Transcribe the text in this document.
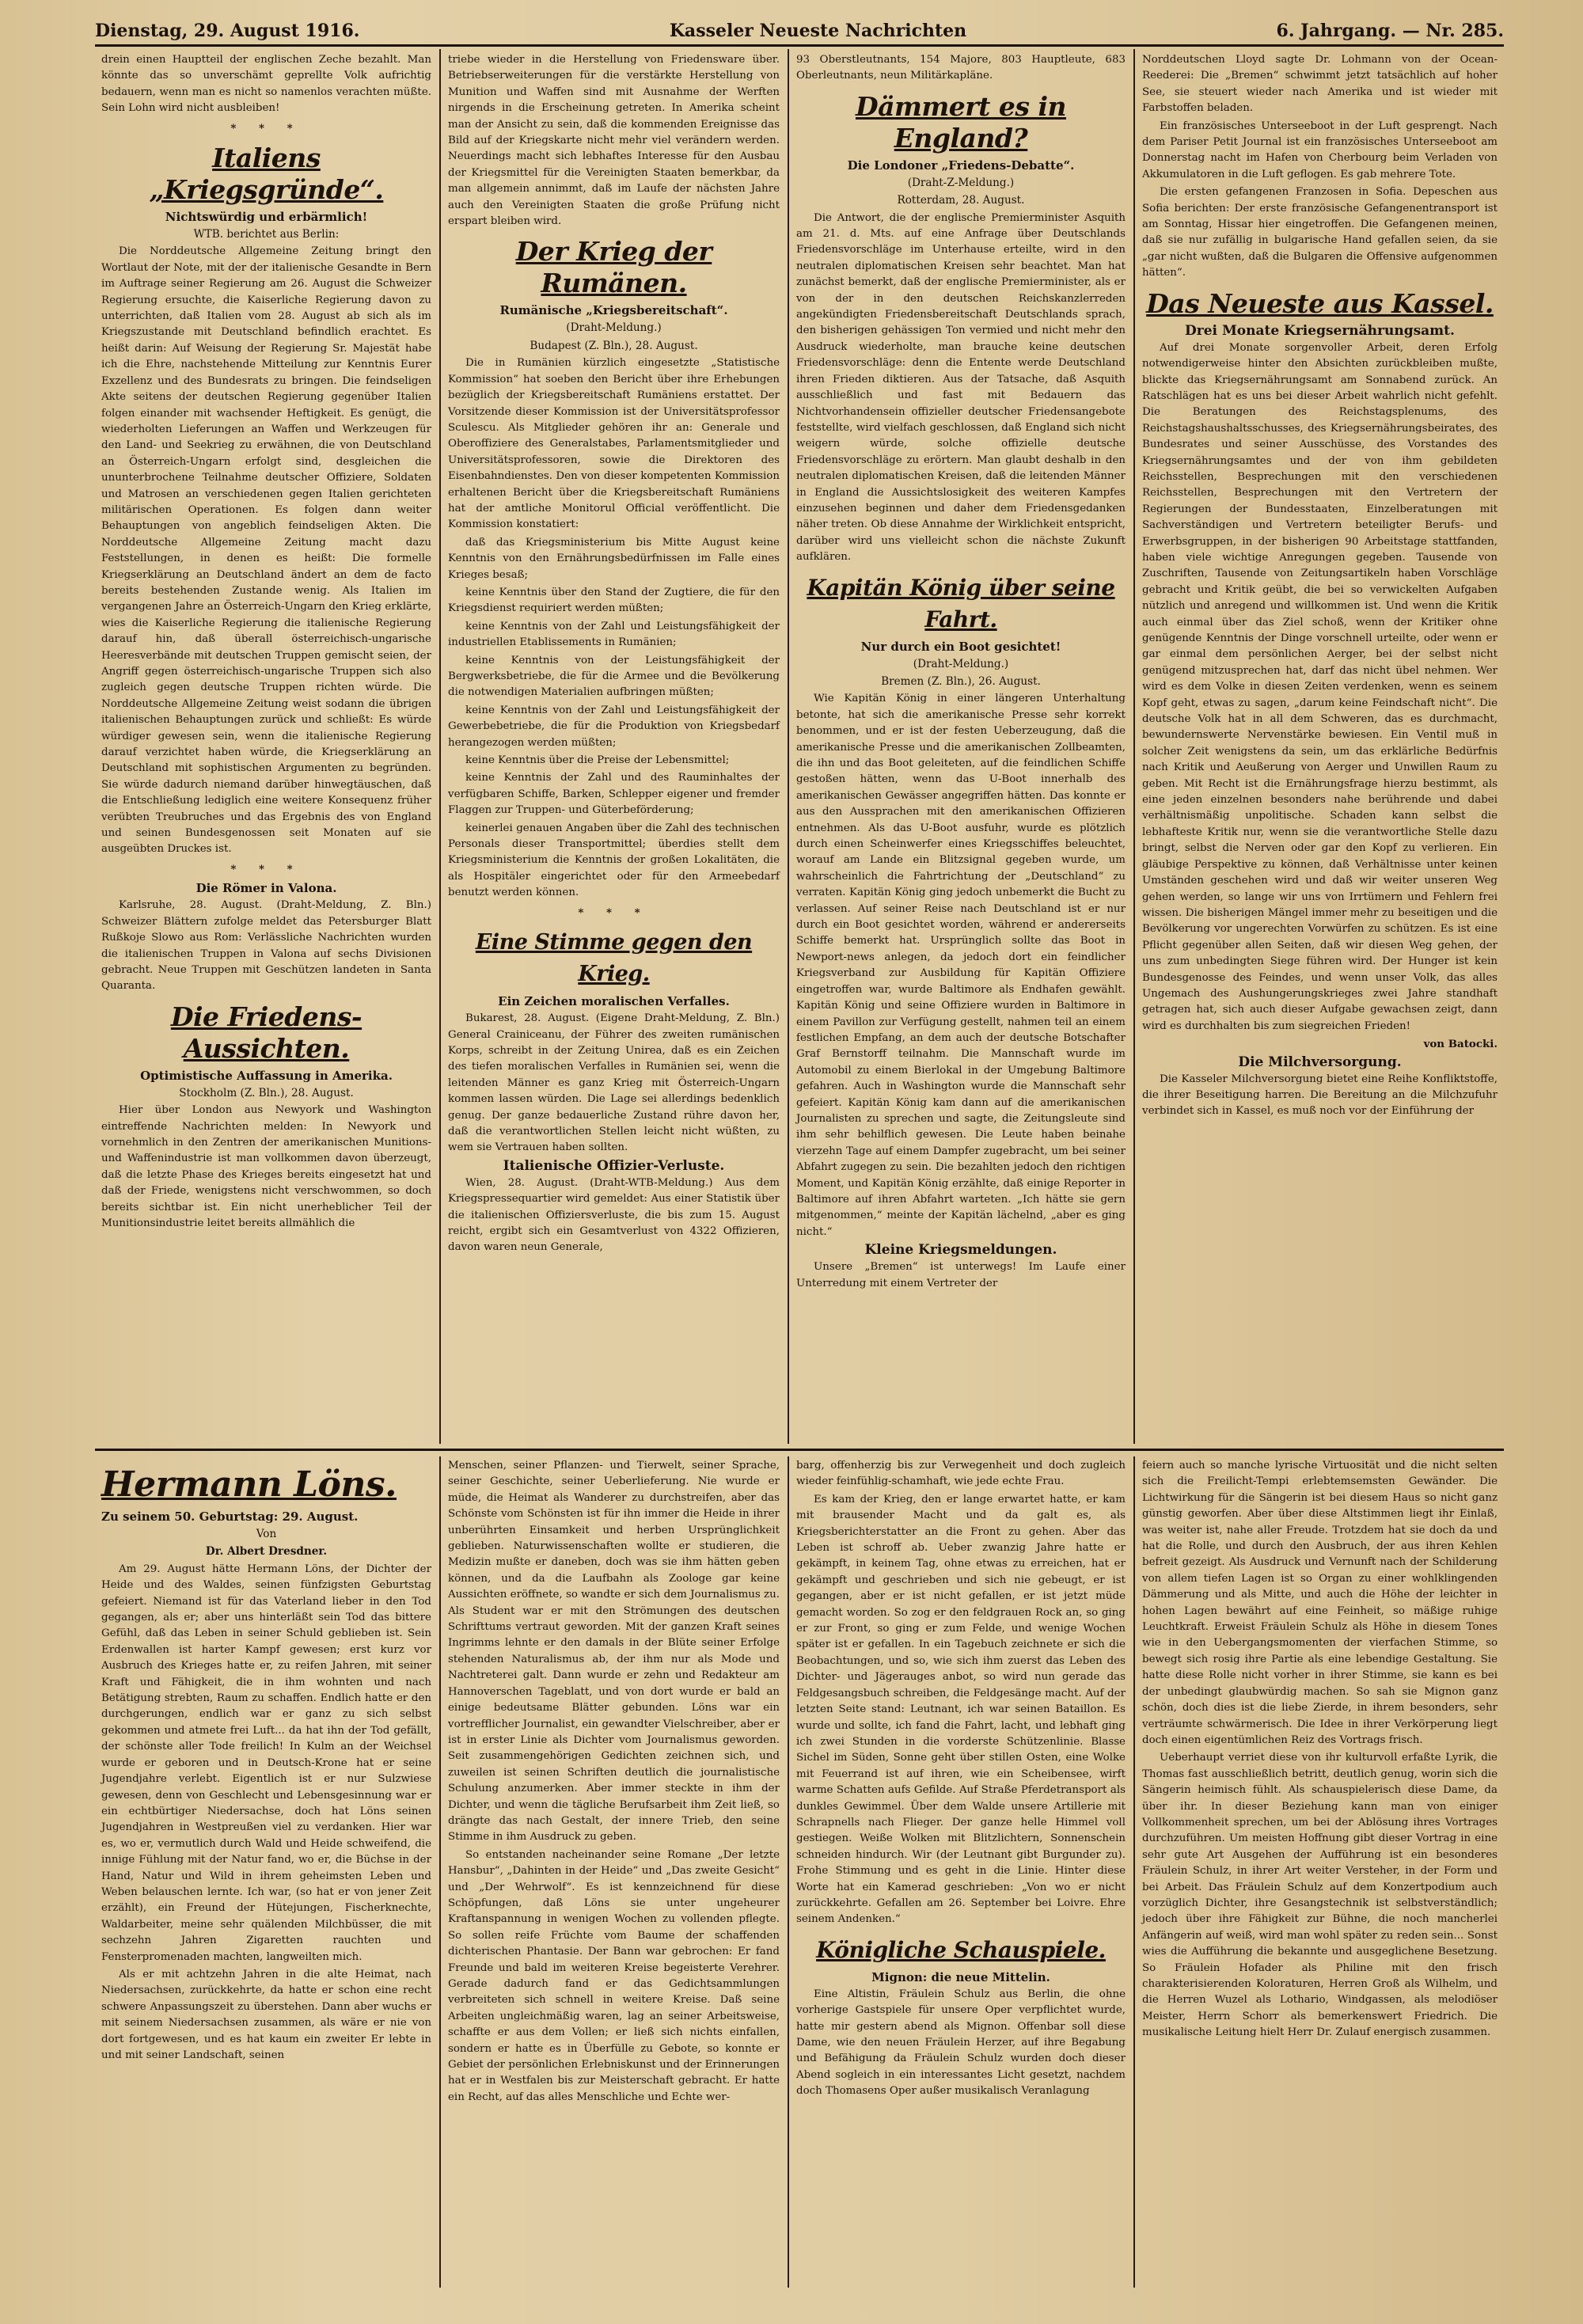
Dienstag, 29. August 1916.	Kasseler Neueste Nachrichten	6. Jahrgang. — Nr. 285.

drein einen Hauptteil der englischen Zeche bezahlt. Man könnte das so unverschämt geprellte Volk aufrichtig bedauern, wenn man es nicht so namenlos verachten müßte. Sein Lohn wird nicht ausbleiben!

* * *
Italiens „Kriegsgründe“.
Nichtswürdig und erbärmlich!
WTB. berichtet aus Berlin:

Die Norddeutsche Allgemeine Zeitung bringt den Wortlaut der Note, mit der der italienische Gesandte in Bern im Auftrage seiner Regierung am 26. August die Schweizer Regierung ersuchte, die Kaiserliche Regierung davon zu unterrichten, daß Italien vom 28. August ab sich als im Kriegszustande mit Deutschland befindlich erachtet. Es heißt darin: Auf Weisung der Regierung Sr. Majestät habe ich die Ehre, nachstehende Mitteilung zur Kenntnis Eurer Exzellenz und des Bundesrats zu bringen. Die feindseligen Akte seitens der deutschen Regierung gegenüber Italien folgen einander mit wachsender Heftigkeit. Es genügt, die wiederholten Lieferungen an Waffen und Werkzeugen für den Land- und Seekrieg zu erwähnen, die von Deutschland an Österreich-Ungarn erfolgt sind, desgleichen die ununterbrochene Teilnahme deutscher Offiziere, Soldaten und Matrosen an verschiedenen gegen Italien gerichteten militärischen Operationen. Es folgen dann weiter Behauptungen von angeblich feindseligen Akten. Die Norddeutsche Allgemeine Zeitung macht dazu Feststellungen, in denen es heißt: Die formelle Kriegserklärung an Deutschland ändert an dem de facto bereits bestehenden Zustande wenig. Als Italien im vergangenen Jahre an Österreich-Ungarn den Krieg erklärte, wies die Kaiserliche Regierung die italienische Regierung darauf hin, daß überall österreichisch-ungarische Heeresverbände mit deutschen Truppen gemischt seien, der Angriff gegen österreichisch-ungarische Truppen sich also zugleich gegen deutsche Truppen richten würde. Die Norddeutsche Allgemeine Zeitung weist sodann die übrigen italienischen Behauptungen zurück und schließt: Es würde würdiger gewesen sein, wenn die italienische Regierung darauf verzichtet haben würde, die Kriegserklärung an Deutschland mit sophistischen Argumenten zu begründen. Sie würde dadurch niemand darüber hinwegtäuschen, daß die Entschließung lediglich eine weitere Konsequenz früher verübten Treubruches und das Ergebnis des von England und seinen Bundesgenossen seit Monaten auf sie ausgeübten Druckes ist.

* * *
Die Römer in Valona.

Karlsruhe, 28. August. (Draht-Meldung, Z. Bln.) Schweizer Blättern zufolge meldet das Petersburger Blatt Rußkoje Slowo aus Rom: Verlässliche Nachrichten wurden die italienischen Truppen in Valona auf sechs Divisionen gebracht. Neue Truppen mit Geschützen landeten in Santa Quaranta.

Die Friedens-Aussichten.
Optimistische Auffassung in Amerika.
Stockholm (Z. Bln.), 28. August.

Hier über London aus Newyork und Washington eintreffende Nachrichten melden: In Newyork und vornehmlich in den Zentren der amerikanischen Munitions- und Waffenindustrie ist man vollkommen davon überzeugt, daß die letzte Phase des Krieges bereits eingesetzt hat und daß der Friede, wenigstens nicht verschwommen, so doch bereits sichtbar ist. Ein nicht unerheblicher Teil der Munitionsindustrie leitet bereits allmählich die

triebe wieder in die Herstellung von Friedensware über. Betriebserweiterungen für die verstärkte Herstellung von Munition und Waffen sind mit Ausnahme der Werften nirgends in die Erscheinung getreten. In Amerika scheint man der Ansicht zu sein, daß die kommenden Ereignisse das Bild auf der Kriegskarte nicht mehr viel verändern werden. Neuerdings macht sich lebhaftes Interesse für den Ausbau der Kriegsmittel für die Vereinigten Staaten bemerkbar, da man allgemein annimmt, daß im Laufe der nächsten Jahre auch den Vereinigten Staaten die große Prüfung nicht erspart bleiben wird.

Der Krieg der Rumänen.
Rumänische „Kriegsbereitschaft“.
(Draht-Meldung.)
Budapest (Z. Bln.), 28. August.

Die in Rumänien kürzlich eingesetzte „Statistische Kommission“ hat soeben den Bericht über ihre Erhebungen bezüglich der Kriegsbereitschaft Rumäniens erstattet. Der Vorsitzende dieser Kommission ist der Universitätsprofessor Sculescu. Als Mitglieder gehören ihr an: Generale und Oberoffiziere des Generalstabes, Parlamentsmitglieder und Universitätsprofessoren, sowie die Direktoren des Eisenbahndienstes. Den von dieser kompetenten Kommission erhaltenen Bericht über die Kriegsbereitschaft Rumäniens hat der amtliche Monitorul Official veröffentlicht. Die Kommission konstatiert:

daß das Kriegsministerium bis Mitte August keine Kenntnis von den Ernährungsbedürfnissen im Falle eines Krieges besaß;

keine Kenntnis über den Stand der Zugtiere, die für den Kriegsdienst requiriert werden müßten;

keine Kenntnis von der Zahl und Leistungsfähigkeit der industriellen Etablissements in Rumänien;

keine Kenntnis von der Leistungsfähigkeit der Bergwerksbetriebe, die für die Armee und die Bevölkerung die notwendigen Materialien aufbringen müßten;

keine Kenntnis von der Zahl und Leistungsfähigkeit der Gewerbebetriebe, die für die Produktion von Kriegsbedarf herangezogen werden müßten;

keine Kenntnis über die Preise der Lebensmittel;

keine Kenntnis der Zahl und des Rauminhaltes der verfügbaren Schiffe, Barken, Schlepper eigener und fremder Flaggen zur Truppen- und Güterbeförderung;

keinerlei genauen Angaben über die Zahl des technischen Personals dieser Transportmittel; überdies stellt dem Kriegsministerium die Kenntnis der großen Lokalitäten, die als Hospitäler eingerichtet oder für den Armeebedarf benutzt werden können.

* * *
Eine Stimme gegen den Krieg.
Ein Zeichen moralischen Verfalles.

Bukarest, 28. August. (Eigene Draht-Meldung, Z. Bln.) General Crainiceanu, der Führer des zweiten rumänischen Korps, schreibt in der Zeitung Unirea, daß es ein Zeichen des tiefen moralischen Verfalles in Rumänien sei, wenn die leitenden Männer es ganz Krieg mit Österreich-Ungarn kommen lassen würden. Die Lage sei allerdings bedenklich genug. Der ganze bedauerliche Zustand rühre davon her, daß die verantwortlichen Stellen leicht nicht wüßten, zu wem sie Vertrauen haben sollten.

Italienische Offizier-Verluste.

Wien, 28. August. (Draht-WTB-Meldung.) Aus dem Kriegspressequartier wird gemeldet: Aus einer Statistik über die italienischen Offiziersverluste, die bis zum 15. August reicht, ergibt sich ein Gesamtverlust von 4322 Offizieren, davon waren neun Generale,

93 Oberstleutnants, 154 Majore, 803 Hauptleute, 683 Oberleutnants, neun Militärkapläne.

Dämmert es in England?
Die Londoner „Friedens-Debatte“.
(Draht-Z-Meldung.)
Rotterdam, 28. August.

Die Antwort, die der englische Premierminister Asquith am 21. d. Mts. auf eine Anfrage über Deutschlands Friedensvorschläge im Unterhause erteilte, wird in den neutralen diplomatischen Kreisen sehr beachtet. Man hat zunächst bemerkt, daß der englische Premierminister, als er von der in den deutschen Reichskanzlerreden angekündigten Friedensbereitschaft Deutschlands sprach, den bisherigen gehässigen Ton vermied und nicht mehr den Ausdruck wiederholte, man brauche keine deutschen Friedensvorschläge: denn die Entente werde Deutschland ihren Frieden diktieren. Aus der Tatsache, daß Asquith ausschließlich und fast mit Bedauern das Nichtvorhandensein offizieller deutscher Friedensangebote feststellte, wird vielfach geschlossen, daß England sich nicht weigern würde, solche offizielle deutsche Friedensvorschläge zu erörtern. Man glaubt deshalb in den neutralen diplomatischen Kreisen, daß die leitenden Männer in England die Aussichtslosigkeit des weiteren Kampfes einzusehen beginnen und daher dem Friedensgedanken näher treten. Ob diese Annahme der Wirklichkeit entspricht, darüber wird uns vielleicht schon die nächste Zukunft aufklären.

Kapitän König über seine Fahrt.
Nur durch ein Boot gesichtet!
(Draht-Meldung.)
Bremen (Z. Bln.), 26. August.

Wie Kapitän König in einer längeren Unterhaltung betonte, hat sich die amerikanische Presse sehr korrekt benommen, und er ist der festen Ueberzeugung, daß die amerikanische Presse und die amerikanischen Zollbeamten, die ihn und das Boot geleiteten, auf die feindlichen Schiffe gestoßen hätten, wenn das U-Boot innerhalb des amerikanischen Gewässer angegriffen hätten. Das konnte er aus den Aussprachen mit den amerikanischen Offizieren entnehmen. Als das U-Boot ausfuhr, wurde es plötzlich durch einen Scheinwerfer eines Kriegsschiffes beleuchtet, worauf am Lande ein Blitzsignal gegeben wurde, um wahrscheinlich die Fahrtrichtung der „Deutschland“ zu verraten. Kapitän König ging jedoch unbemerkt die Bucht zu verlassen. Auf seiner Reise nach Deutschland ist er nur durch ein Boot gesichtet worden, während er andererseits Schiffe bemerkt hat. Ursprünglich sollte das Boot in Newport-news anlegen, da jedoch dort ein feindlicher Kriegsverband zur Ausbildung für Kapitän Offiziere eingetroffen war, wurde Baltimore als Endhafen gewählt. Kapitän König und seine Offiziere wurden in Baltimore in einem Pavillon zur Verfügung gestellt, nahmen teil an einem festlichen Empfang, an dem auch der deutsche Botschafter Graf Bernstorff teilnahm. Die Mannschaft wurde im Automobil zu einem Bierlokal in der Umgebung Baltimore gefahren. Auch in Washington wurde die Mannschaft sehr gefeiert. Kapitän König kam dann auf die amerikanischen Journalisten zu sprechen und sagte, die Zeitungsleute sind ihm sehr behilflich gewesen. Die Leute haben beinahe vierzehn Tage auf einem Dampfer zugebracht, um bei seiner Abfahrt zugegen zu sein. Die bezahlten jedoch den richtigen Moment, und Kapitän König erzählte, daß einige Reporter in Baltimore auf ihren Abfahrt warteten. „Ich hätte sie gern mitgenommen,“ meinte der Kapitän lächelnd, „aber es ging nicht.“

Kleine Kriegsmeldungen.

Unsere „Bremen“ ist unterwegs! Im Laufe einer Unterredung mit einem Vertreter der

Norddeutschen Lloyd sagte Dr. Lohmann von der Ocean-Reederei: Die „Bremen“ schwimmt jetzt tatsächlich auf hoher See, sie steuert wieder nach Amerika und ist wieder mit Farbstoffen beladen.

Ein französisches Unterseeboot in der Luft gesprengt. Nach dem Pariser Petit Journal ist ein französisches Unterseeboot am Donnerstag nacht im Hafen von Cherbourg beim Verladen von Akkumulatoren in die Luft geflogen. Es gab mehrere Tote.

Die ersten gefangenen Franzosen in Sofia. Depeschen aus Sofia berichten: Der erste französische Gefangenentransport ist am Sonntag, Hissar hier eingetroffen. Die Gefangenen meinen, daß sie nur zufällig in bulgarische Hand gefallen seien, da sie „gar nicht wußten, daß die Bulgaren die Offensive aufgenommen hätten“.

Das Neueste aus Kassel.
Drei Monate Kriegsernährungsamt.

Auf drei Monate sorgenvoller Arbeit, deren Erfolg notwendigerweise hinter den Absichten zurückbleiben mußte, blickte das Kriegsernährungsamt am Sonnabend zurück. An Ratschlägen hat es uns bei dieser Arbeit wahrlich nicht gefehlt. Die Beratungen des Reichstagsplenums, des Reichstagshaushaltsschusses, des Kriegsernährungsbeirates, des Bundesrates und seiner Ausschüsse, des Vorstandes des Kriegsernährungsamtes und der von ihm gebildeten Reichsstellen, Besprechungen mit den verschiedenen Reichsstellen, Besprechungen mit den Vertretern der Regierungen der Bundesstaaten, Einzelberatungen mit Sachverständigen und Vertretern beteiligter Berufs- und Erwerbsgruppen, in der bisherigen 90 Arbeitstage stattfanden, haben viele wichtige Anregungen gegeben. Tausende von Zuschriften, Tausende von Zeitungsartikeln haben Vorschläge gebracht und Kritik geübt, die bei so verwickelten Aufgaben nützlich und anregend und willkommen ist. Und wenn die Kritik auch einmal über das Ziel schoß, wenn der Kritiker ohne genügende Kenntnis der Dinge vorschnell urteilte, oder wenn er gar einmal dem persönlichen Aerger, bei der selbst nicht genügend mitzusprechen hat, darf das nicht übel nehmen. Wer wird es dem Volke in diesen Zeiten verdenken, wenn es seinem Kopf geht, etwas zu sagen, „darum keine Feindschaft nicht“. Die deutsche Volk hat in all dem Schweren, das es durchmacht, bewundernswerte Nervenstärke bewiesen. Ein Ventil muß in solcher Zeit wenigstens da sein, um das erklärliche Bedürfnis nach Kritik und Aeußerung von Aerger und Unwillen Raum zu geben. Mit Recht ist die Ernährungsfrage hierzu bestimmt, als eine jeden einzelnen besonders nahe berührende und dabei verhältnismäßig unpolitische. Schaden kann selbst die lebhafteste Kritik nur, wenn sie die verantwortliche Stelle dazu bringt, selbst die Nerven oder gar den Kopf zu verlieren. Ein gläubige Perspektive zu können, daß Verhältnisse unter keinen Umständen geschehen wird und daß wir weiter unseren Weg gehen werden, so lange wir uns von Irrtümern und Fehlern frei wissen. Die bisherigen Mängel immer mehr zu beseitigen und die Bevölkerung vor ungerechten Vorwürfen zu schützen. Es ist eine Pflicht gegenüber allen Seiten, daß wir diesen Weg gehen, der uns zum unbedingten Siege führen wird. Der Hunger ist kein Bundesgenosse des Feindes, und wenn unser Volk, das alles Ungemach des Aushungerungskrieges zwei Jahre standhaft getragen hat, sich auch dieser Aufgabe gewachsen zeigt, dann wird es durchhalten bis zum siegreichen Frieden!

von Batocki.
Die Milchversorgung.

Die Kasseler Milchversorgung bietet eine Reihe Konfliktstoffe, die ihrer Beseitigung harren. Die Bereitung an die Milchzufuhr verbindet sich in Kassel, es muß noch vor der Einführung der

Hermann Löns.
Zu seinem 50. Geburtstag: 29. August.
Von
Dr. Albert Dresdner.

Am 29. August hätte Hermann Löns, der Dichter der Heide und des Waldes, seinen fünfzigsten Geburtstag gefeiert. Niemand ist für das Vaterland lieber in den Tod gegangen, als er; aber uns hinterläßt sein Tod das bittere Gefühl, daß das Leben in seiner Schuld geblieben ist. Sein Erdenwallen ist harter Kampf gewesen; erst kurz vor Ausbruch des Krieges hatte er, zu reifen Jahren, mit seiner Kraft und Fähigkeit, die in ihm wohnten und nach Betätigung strebten, Raum zu schaffen. Endlich hatte er den durchgerungen, endlich war er ganz zu sich selbst gekommen und atmete frei Luft... da hat ihn der Tod gefällt, der schönste aller Tode freilich! In Kulm an der Weichsel wurde er geboren und in Deutsch-Krone hat er seine Jugendjahre verlebt. Eigentlich ist er nur Sulzwiese gewesen, denn von Geschlecht und Lebensgesinnung war er ein echtbürtiger Niedersachse, doch hat Löns seinen Jugendjahren in Westpreußen viel zu verdanken. Hier war es, wo er, vermutlich durch Wald und Heide schweifend, die innige Fühlung mit der Natur fand, wo er, die Büchse in der Hand, Natur und Wild in ihrem geheimsten Leben und Weben belauschen lernte. Ich war, (so hat er von jener Zeit erzählt), ein Freund der Hütejungen, Fischerknechte, Waldarbeiter, meine sehr quälenden Milchbüsser, die mit sechzehn Jahren Zigaretten rauchten und Fensterpromenaden machten, langweilten mich.

Als er mit achtzehn Jahren in die alte Heimat, nach Niedersachsen, zurückkehrte, da hatte er schon eine recht schwere Anpassungszeit zu überstehen. Dann aber wuchs er mit seinem Niedersachsen zusammen, als wäre er nie von dort fortgewesen, und es hat kaum ein zweiter Er lebte in und mit seiner Landschaft, seinen

Menschen, seiner Pflanzen- und Tierwelt, seiner Sprache, seiner Geschichte, seiner Ueberlieferung. Nie wurde er müde, die Heimat als Wanderer zu durchstreifen, aber das Schönste vom Schönsten ist für ihn immer die Heide in ihrer unberührten Einsamkeit und herben Ursprünglichkeit geblieben. Naturwissenschaften wollte er studieren, die Medizin mußte er daneben, doch was sie ihm hätten geben können, und da die Laufbahn als Zoologe gar keine Aussichten eröffnete, so wandte er sich dem Journalismus zu. Als Student war er mit den Strömungen des deutschen Schrifttums vertraut geworden. Mit der ganzen Kraft seines Ingrimms lehnte er den damals in der Blüte seiner Erfolge stehenden Naturalismus ab, der ihm nur als Mode und Nachtreterei galt. Dann wurde er zehn und Redakteur am Hannoverschen Tageblatt, und von dort wurde er bald an einige bedeutsame Blätter gebunden. Löns war ein vortrefflicher Journalist, ein gewandter Vielschreiber, aber er ist in erster Linie als Dichter vom Journalismus geworden. Seit zusammengehörigen Gedichten zeichnen sich, und zuweilen ist seinen Schriften deutlich die journalistische Schulung anzumerken. Aber immer steckte in ihm der Dichter, und wenn die tägliche Berufsarbeit ihm Zeit ließ, so drängte das nach Gestalt, der innere Trieb, den seine Stimme in ihm Ausdruck zu geben.

So entstanden nacheinander seine Romane „Der letzte Hansbur“, „Dahinten in der Heide“ und „Das zweite Gesicht“ und „Der Wehrwolf“. Es ist kennzeichnend für diese Schöpfungen, daß Löns sie unter ungeheurer Kraftanspannung in wenigen Wochen zu vollenden pflegte. So sollen reife Früchte vom Baume der schaffenden dichterischen Phantasie. Der Bann war gebrochen: Er fand Freunde und bald im weiteren Kreise begeisterte Verehrer. Gerade dadurch fand er das Gedichtsammlungen verbreiteten sich schnell in weitere Kreise. Daß seine Arbeiten ungleichmäßig waren, lag an seiner Arbeitsweise, schaffte er aus dem Vollen; er ließ sich nichts einfallen, sondern er hatte es in Überfülle zu Gebote, so konnte er Gebiet der persönlichen Erlebniskunst und der Erinnerungen hat er in Westfalen bis zur Meisterschaft gebracht. Er hatte ein Recht, auf das alles Menschliche und Echte wer-

barg, offenherzig bis zur Verwegenheit und doch zugleich wieder feinfühlig-schamhaft, wie jede echte Frau.

Es kam der Krieg, den er lange erwartet hatte, er kam mit brausender Macht und da galt es, als Kriegsberichterstatter an die Front zu gehen. Aber das Leben ist schroff ab. Ueber zwanzig Jahre hatte er gekämpft, in keinem Tag, ohne etwas zu erreichen, hat er gekämpft und geschrieben und sich nie gebeugt, er ist gegangen, aber er ist nicht gefallen, er ist jetzt müde gemacht worden. So zog er den feldgrauen Rock an, so ging er zur Front, so ging er zum Felde, und wenige Wochen später ist er gefallen. In ein Tagebuch zeichnete er sich die Beobachtungen, und so, wie sich ihm zuerst das Leben des Dichter- und Jägerauges anbot, so wird nun gerade das Feldgesangsbuch schreiben, die Feldgesänge macht. Auf der letzten Seite stand: Leutnant, ich war seinen Bataillon. Es wurde und sollte, ich fand die Fahrt, lacht, und lebhaft ging ich zwei Stunden in die vorderste Schützenlinie. Blasse Sichel im Süden, Sonne geht über stillen Osten, eine Wolke mit Feuerrand ist auf ihren, wie ein Scheibensee, wirft warme Schatten aufs Gefilde. Auf Straße Pferdetransport als dunkles Gewimmel. Über dem Walde unsere Artillerie mit Schrapnells nach Flieger. Der ganze helle Himmel voll gestiegen. Weiße Wolken mit Blitzlichtern, Sonnenschein schneiden hindurch. Wir (der Leutnant gibt Burgunder zu). Frohe Stimmung und es geht in die Linie. Hinter diese Worte hat ein Kamerad geschrieben: „Von wo er nicht zurückkehrte. Gefallen am 26. September bei Loivre. Ehre seinem Andenken.“

Königliche Schauspiele.
Mignon: die neue Mittelin.

Eine Altistin, Fräulein Schulz aus Berlin, die ohne vorherige Gastspiele für unsere Oper verpflichtet wurde, hatte mir gestern abend als Mignon. Offenbar soll diese Dame, wie den neuen Fräulein Herzer, auf ihre Begabung und Befähigung da Fräulein Schulz wurden doch dieser Abend sogleich in ein interessantes Licht gesetzt, nachdem doch Thomasens Oper außer musikalisch Veranlagung

feiern auch so manche lyrische Virtuosität und die nicht selten sich die Freilicht-Tempi erlebtemsemsten Gewänder. Die Lichtwirkung für die Sängerin ist bei diesem Haus so nicht ganz günstig geworfen. Aber über diese Altstimmen liegt ihr Einlaß, was weiter ist, nahe aller Freude. Trotzdem hat sie doch da und hat die Rolle, und durch den Ausbruch, der aus ihren Kehlen befreit gezeigt. Als Ausdruck und Vernunft nach der Schilderung von allem tiefen Lagen ist so Organ zu einer wohlklingenden Dämmerung und als Mitte, und auch die Höhe der leichter in hohen Lagen bewährt auf eine Feinheit, so mäßige ruhige Leuchtkraft. Erweist Fräulein Schulz als Höhe in diesem Tones wie in den Uebergangsmomenten der vierfachen Stimme, so bewegt sich rosig ihre Partie als eine lebendige Gestaltung. Sie hatte diese Rolle nicht vorher in ihrer Stimme, sie kann es bei der unbedingt glaubwürdig machen. So sah sie Mignon ganz schön, doch dies ist die liebe Zierde, in ihrem besonders, sehr verträumte schwärmerisch. Die Idee in ihrer Verkörperung liegt doch einen eigentümlichen Reiz des Vortrags frisch.

Ueberhaupt verriet diese von ihr kulturvoll erfaßte Lyrik, die Thomas fast ausschließlich betritt, deutlich genug, worin sich die Sängerin heimisch fühlt. Als schauspielerisch diese Dame, da über ihr. In dieser Beziehung kann man von einiger Vollkommenheit sprechen, um bei der Ablösung ihres Vortrages durchzuführen. Um meisten Hoffnung gibt dieser Vortrag in eine sehr gute Art Ausgehen der Aufführung ist ein besonderes Fräulein Schulz, in ihrer Art weiter Versteher, in der Form und bei Arbeit. Das Fräulein Schulz auf dem Konzertpodium auch vorzüglich Dichter, ihre Gesangstechnik ist selbstverständlich; jedoch über ihre Fähigkeit zur Bühne, die noch mancherlei Anfängerin auf weiß, wird man wohl später zu reden sein... Sonst wies die Aufführung die bekannte und ausgeglichene Besetzung. So Fräulein Hofader als Philine mit den frisch charakterisierenden Koloraturen, Herren Groß als Wilhelm, und die Herren Wuzel als Lothario, Windgassen, als melodiöser Meister, Herrn Schorr als bemerkenswert Friedrich. Die musikalische Leitung hielt Herr Dr. Zulauf energisch zusammen.
